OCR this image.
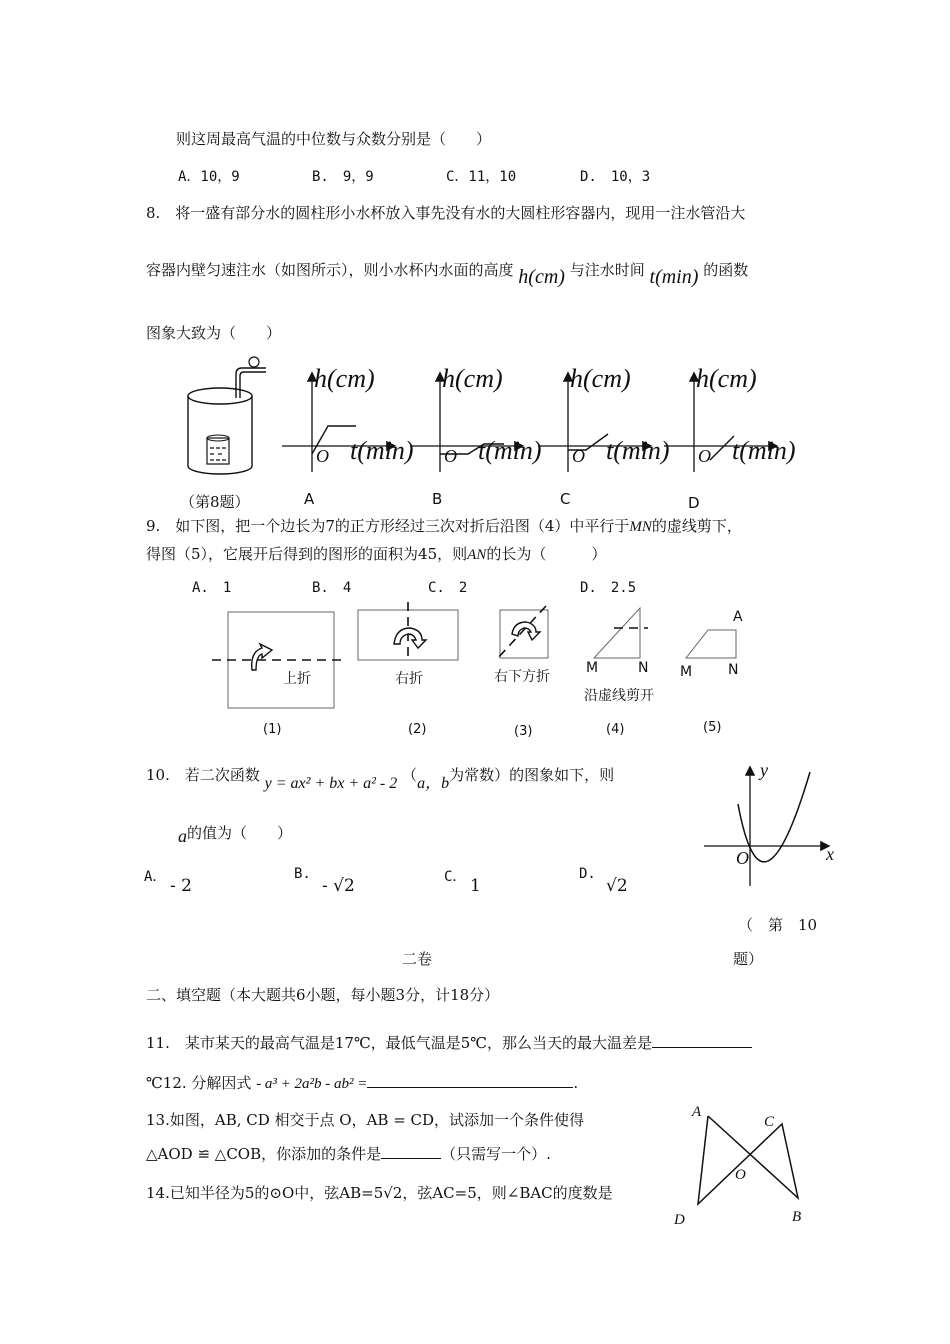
则这周最高气温的中位数与众数分别是（　　）
A．10，9	B.　9，9	C．11，10	D.　10，3
8.　将一盛有部分水的圆柱形小水杯放入事先没有水的大圆柱形容器内，现用一注水管沿大
容器内壁匀速注水（如图所示），则小水杯内水面的高度 h(cm) 与注水时间 t(min) 的函数
图象大致为（　　）
（第8题）
h(cm)
t(min)
O
A
h(cm)
t(min)
O
B
h(cm)
t(min)
O
C
h(cm)
t(min)
O
D
9.　如下图，把一个边长为7的正方形经过三次对折后沿图（4）中平行于MN的虚线剪下，
得图（5），它展开后得到的图形的面积为45，则AN的长为（　　　）
A.　1	B.　4	C.　2	D.　2.5
上折	右折	右下方折
M	N
沿虚线剪开
A
M	N
(1)	(2)	(3)	(4)	(5)
10.　若二次函数 y = ax² + bx + a² - 2 （a，b为常数）的图象如下，则
a的值为（　　）
A． - 2
B.
- √2	C． 1
D.
√2
y
x
O
（　第　10
题）
二卷
二、填空题（本大题共6小题，每小题3分，计18分）
11.　某市某天的最高气温是17℃，最低气温是5℃，那么当天的最大温差是
℃12. 分解因式 - a³ + 2a²b - ab² =	.
13.如图，AB, CD 相交于点 O，AB = CD，试添加一个条件使得
△AOD ≌ △COB，你添加的条件是	（只需写一个）.
14.已知半径为5的⊙O中，弦AB=5√2，弦AC=5，则∠BAC的度数是
A
C
O
D	B
